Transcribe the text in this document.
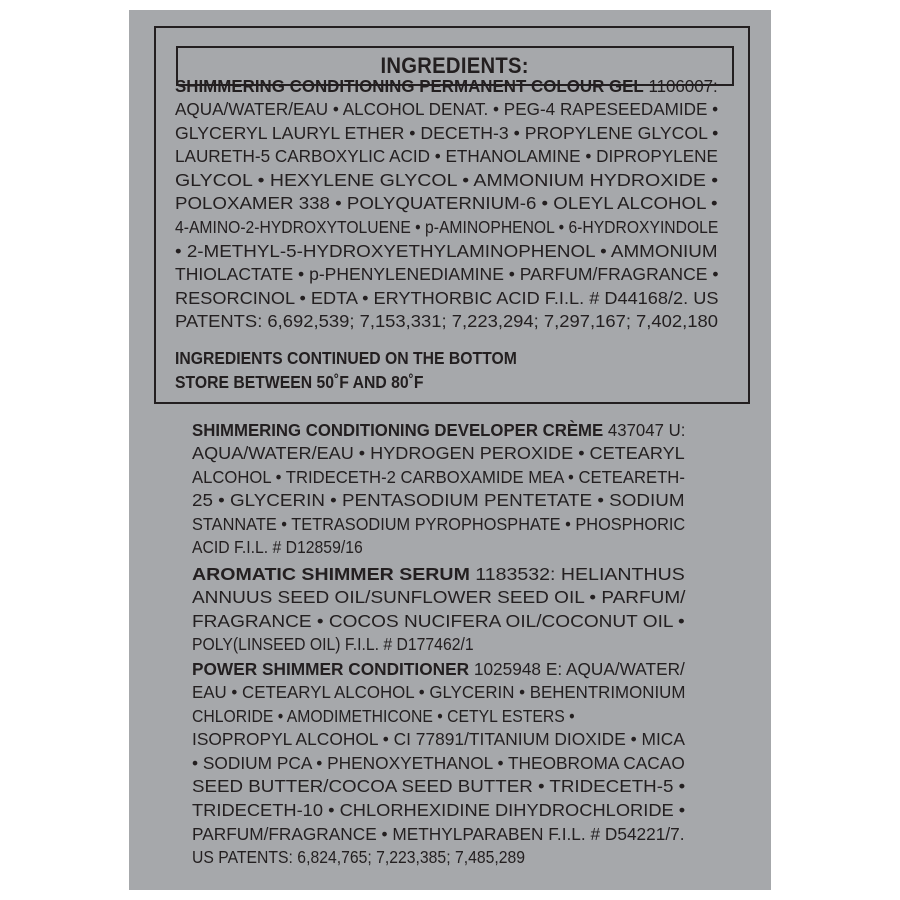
INGREDIENTS:
SHIMMERING CONDITIONING PERMANENT COLOUR GEL 1106007:
AQUA/WATER/EAU • ALCOHOL DENAT. • PEG-4 RAPESEEDAMIDE •
GLYCERYL LAURYL ETHER • DECETH-3 • PROPYLENE GLYCOL •
LAURETH-5 CARBOXYLIC ACID • ETHANOLAMINE • DIPROPYLENE
GLYCOL • HEXYLENE GLYCOL • AMMONIUM HYDROXIDE •
POLOXAMER 338 • POLYQUATERNIUM-6 • OLEYL ALCOHOL •
4-AMINO-2-HYDROXYTOLUENE • p-AMINOPHENOL • 6-HYDROXYINDOLE
• 2-METHYL-5-HYDROXYETHYLAMINOPHENOL • AMMONIUM
THIOLACTATE • p-PHENYLENEDIAMINE • PARFUM/FRAGRANCE •
RESORCINOL • EDTA • ERYTHORBIC ACID F.I.L. # D44168/2. US
PATENTS: 6,692,539; 7,153,331; 7,223,294; 7,297,167; 7,402,180
INGREDIENTS CONTINUED ON THE BOTTOM
STORE BETWEEN 50˚F AND 80˚F
SHIMMERING CONDITIONING DEVELOPER CRÈME 437047 U:
AQUA/WATER/EAU • HYDROGEN PEROXIDE • CETEARYL
ALCOHOL • TRIDECETH-2 CARBOXAMIDE MEA • CETEARETH-
25 • GLYCERIN • PENTASODIUM PENTETATE • SODIUM
STANNATE • TETRASODIUM PYROPHOSPHATE • PHOSPHORIC
ACID F.I.L. # D12859/16
AROMATIC SHIMMER SERUM 1183532: HELIANTHUS
ANNUUS SEED OIL/SUNFLOWER SEED OIL • PARFUM/
FRAGRANCE • COCOS NUCIFERA OIL/COCONUT OIL •
POLY(LINSEED OIL) F.I.L. # D177462/1
POWER SHIMMER CONDITIONER 1025948 E: AQUA/WATER/
EAU • CETEARYL ALCOHOL • GLYCERIN • BEHENTRIMONIUM
CHLORIDE • AMODIMETHICONE • CETYL ESTERS •
ISOPROPYL ALCOHOL • CI 77891/TITANIUM DIOXIDE • MICA
• SODIUM PCA • PHENOXYETHANOL • THEOBROMA CACAO
SEED BUTTER/COCOA SEED BUTTER • TRIDECETH-5 •
TRIDECETH-10 • CHLORHEXIDINE DIHYDROCHLORIDE •
PARFUM/FRAGRANCE • METHYLPARABEN F.I.L. # D54221/7.
US PATENTS: 6,824,765; 7,223,385; 7,485,289
